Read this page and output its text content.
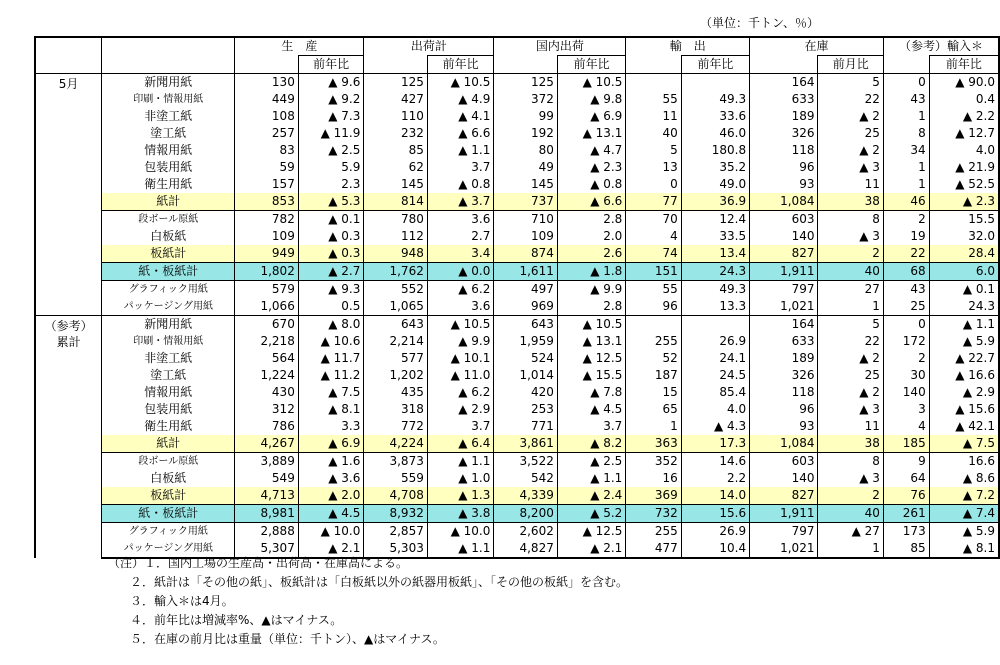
（単位：千トン、％）
		生　産		出荷計		国内出荷		輸　出		在庫		（参考）輸入＊	
			前年比		前年比		前年比		前年比		前月比		前年比
5月	新聞用紙	130	▲ 9.6	125	▲ 10.5	125	▲ 10.5			164	5	0	▲ 90.0
	印刷・情報用紙	449	▲ 9.2	427	▲ 4.9	372	▲ 9.8	55	49.3	633	22	43	0.4
	非塗工紙	108	▲ 7.3	110	▲ 4.1	99	▲ 6.9	11	33.6	189	▲ 2	1	▲ 2.2
	塗工紙	257	▲ 11.9	232	▲ 6.6	192	▲ 13.1	40	46.0	326	25	8	▲ 12.7
	情報用紙	83	▲ 2.5	85	▲ 1.1	80	▲ 4.7	5	180.8	118	▲ 2	34	4.0
	包装用紙	59	5.9	62	3.7	49	▲ 2.3	13	35.2	96	▲ 3	1	▲ 21.9
	衛生用紙	157	2.3	145	▲ 0.8	145	▲ 0.8	0	49.0	93	11	1	▲ 52.5
	紙計	853	▲ 5.3	814	▲ 3.7	737	▲ 6.6	77	36.9	1,084	38	46	▲ 2.3
	段ボール原紙	782	▲ 0.1	780	3.6	710	2.8	70	12.4	603	8	2	15.5
	白板紙	109	▲ 0.3	112	2.7	109	2.0	4	33.5	140	▲ 3	19	32.0
	板紙計	949	▲ 0.3	948	3.4	874	2.6	74	13.4	827	2	22	28.4
	紙・板紙計	1,802	▲ 2.7	1,762	▲ 0.0	1,611	▲ 1.8	151	24.3	1,911	40	68	6.0
	グラフィック用紙	579	▲ 9.3	552	▲ 6.2	497	▲ 9.9	55	49.3	797	27	43	▲ 0.1
	パッケージング用紙	1,066	0.5	1,065	3.6	969	2.8	96	13.3	1,021	1	25	24.3
（参考）
累計	新聞用紙	670	▲ 8.0	643	▲ 10.5	643	▲ 10.5			164	5	0	▲ 1.1
	印刷・情報用紙	2,218	▲ 10.6	2,214	▲ 9.9	1,959	▲ 13.1	255	26.9	633	22	172	▲ 5.9
	非塗工紙	564	▲ 11.7	577	▲ 10.1	524	▲ 12.5	52	24.1	189	▲ 2	2	▲ 22.7
	塗工紙	1,224	▲ 11.2	1,202	▲ 11.0	1,014	▲ 15.5	187	24.5	326	25	30	▲ 16.6
	情報用紙	430	▲ 7.5	435	▲ 6.2	420	▲ 7.8	15	85.4	118	▲ 2	140	▲ 2.9
	包装用紙	312	▲ 8.1	318	▲ 2.9	253	▲ 4.5	65	4.0	96	▲ 3	3	▲ 15.6
	衛生用紙	786	3.3	772	3.7	771	3.7	1	▲ 4.3	93	11	4	▲ 42.1
	紙計	4,267	▲ 6.9	4,224	▲ 6.4	3,861	▲ 8.2	363	17.3	1,084	38	185	▲ 7.5
	段ボール原紙	3,889	▲ 1.6	3,873	▲ 1.1	3,522	▲ 2.5	352	14.6	603	8	9	16.6
	白板紙	549	▲ 3.6	559	▲ 1.0	542	▲ 1.1	16	2.2	140	▲ 3	64	▲ 8.6
	板紙計	4,713	▲ 2.0	4,708	▲ 1.3	4,339	▲ 2.4	369	14.0	827	2	76	▲ 7.2
	紙・板紙計	8,981	▲ 4.5	8,932	▲ 3.8	8,200	▲ 5.2	732	15.6	1,911	40	261	▲ 7.4
	グラフィック用紙	2,888	▲ 10.0	2,857	▲ 10.0	2,602	▲ 12.5	255	26.9	797	▲ 27	173	▲ 5.9
	パッケージング用紙	5,307	▲ 2.1	5,303	▲ 1.1	4,827	▲ 2.1	477	10.4	1,021	1	85	▲ 8.1
（注）１．国内工場の生産高・出荷高・在庫高による。
２．紙計は「その他の紙」、板紙計は「白板紙以外の紙器用板紙」、「その他の板紙」を含む。
３．輸入＊は4月。
４．前年比は増減率%、▲はマイナス。
５．在庫の前月比は重量（単位：千トン）、▲はマイナス。
